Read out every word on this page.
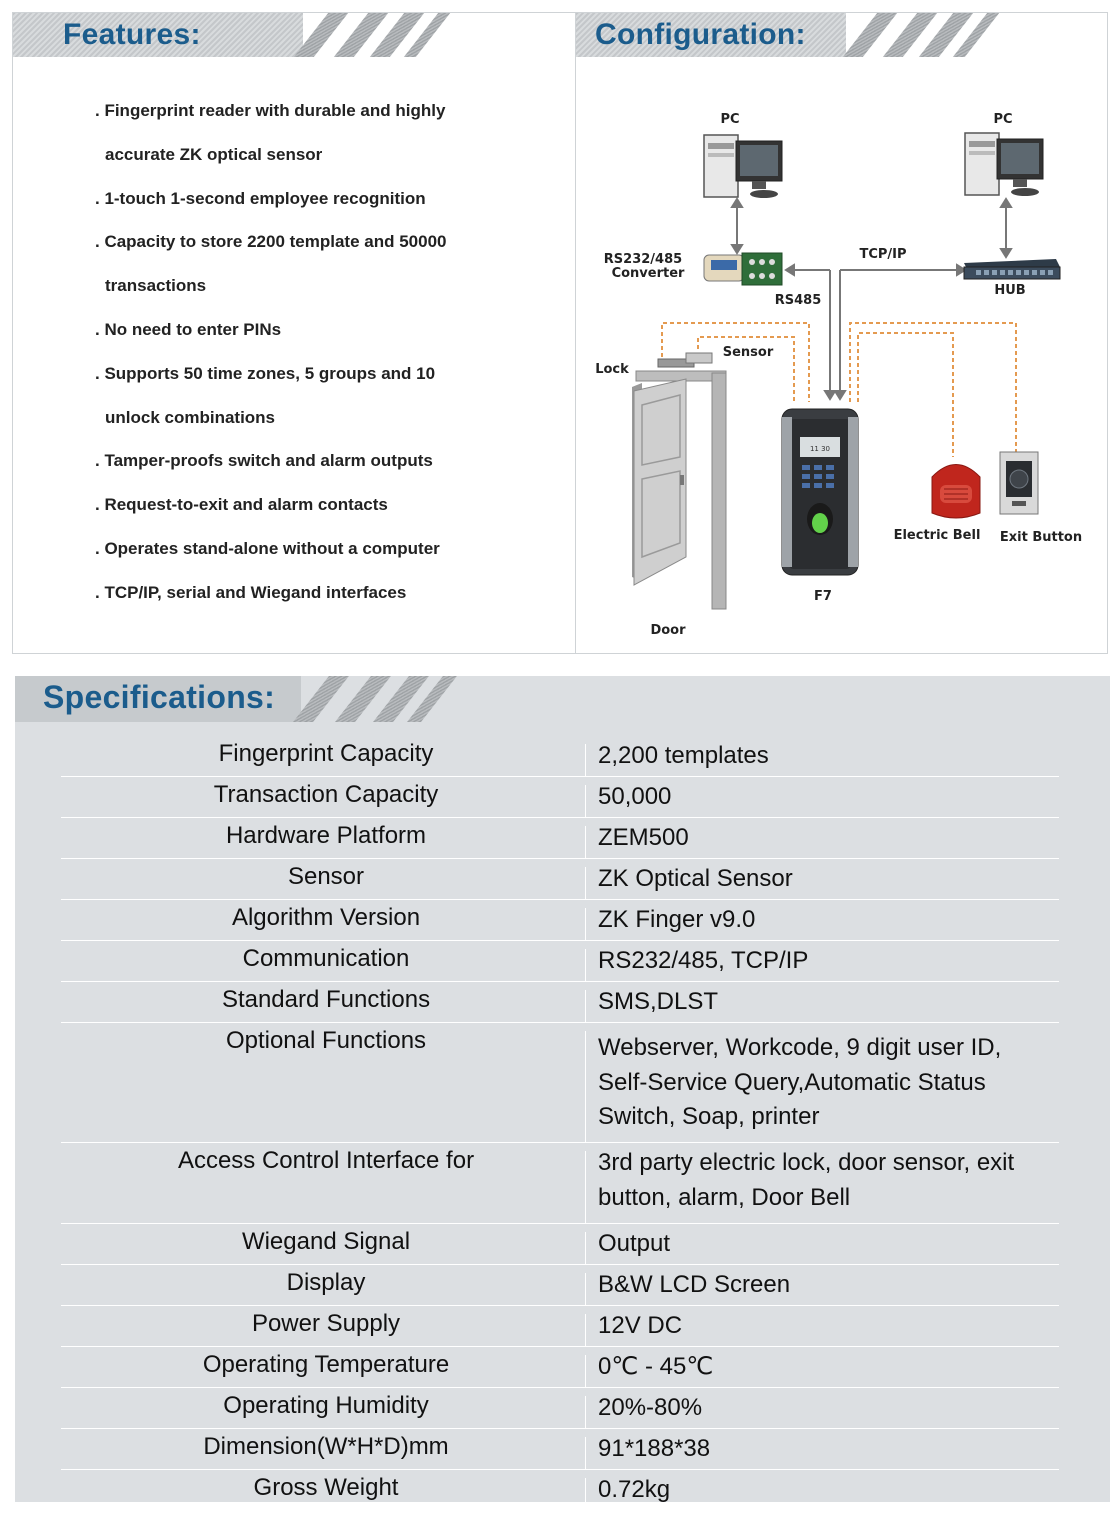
Features:
. Fingerprint reader with durable and highly
accurate ZK optical sensor
. 1-touch 1-second employee recognition
. Capacity to store 2200 template and 50000
transactions
. No need to enter PINs
. Supports 50 time zones, 5 groups and 10
unlock combinations
. Tamper-proofs switch and alarm outputs
. Request-to-exit and alarm contacts
. Operates stand-alone without a computer
. TCP/IP, serial and Wiegand interfaces
Configuration:
PC	PC
RS232/485
Converter
TCP/IP
HUB
RS485
Lock
Sensor
Door
11 30
F7
Electric Bell Exit Button
Specifications:
Fingerprint Capacity	2,200 templates
Transaction Capacity	50,000
Hardware Platform	ZEM500
Sensor	ZK Optical Sensor
Algorithm Version	ZK Finger v9.0
Communication	RS232/485, TCP/IP
Standard Functions	SMS,DLST
Optional Functions	Webserver, Workcode, 9 digit user ID,
Self-Service Query,Automatic Status
Switch, Soap, printer
Access Control Interface for	3rd party electric lock, door sensor, exit
button, alarm, Door Bell
Wiegand Signal	Output
Display	B&W LCD Screen
Power Supply	12V DC
Operating Temperature	0℃ - 45℃
Operating Humidity	20%-80%
Dimension(W*H*D)mm	91*188*38
Gross Weight	0.72kg
